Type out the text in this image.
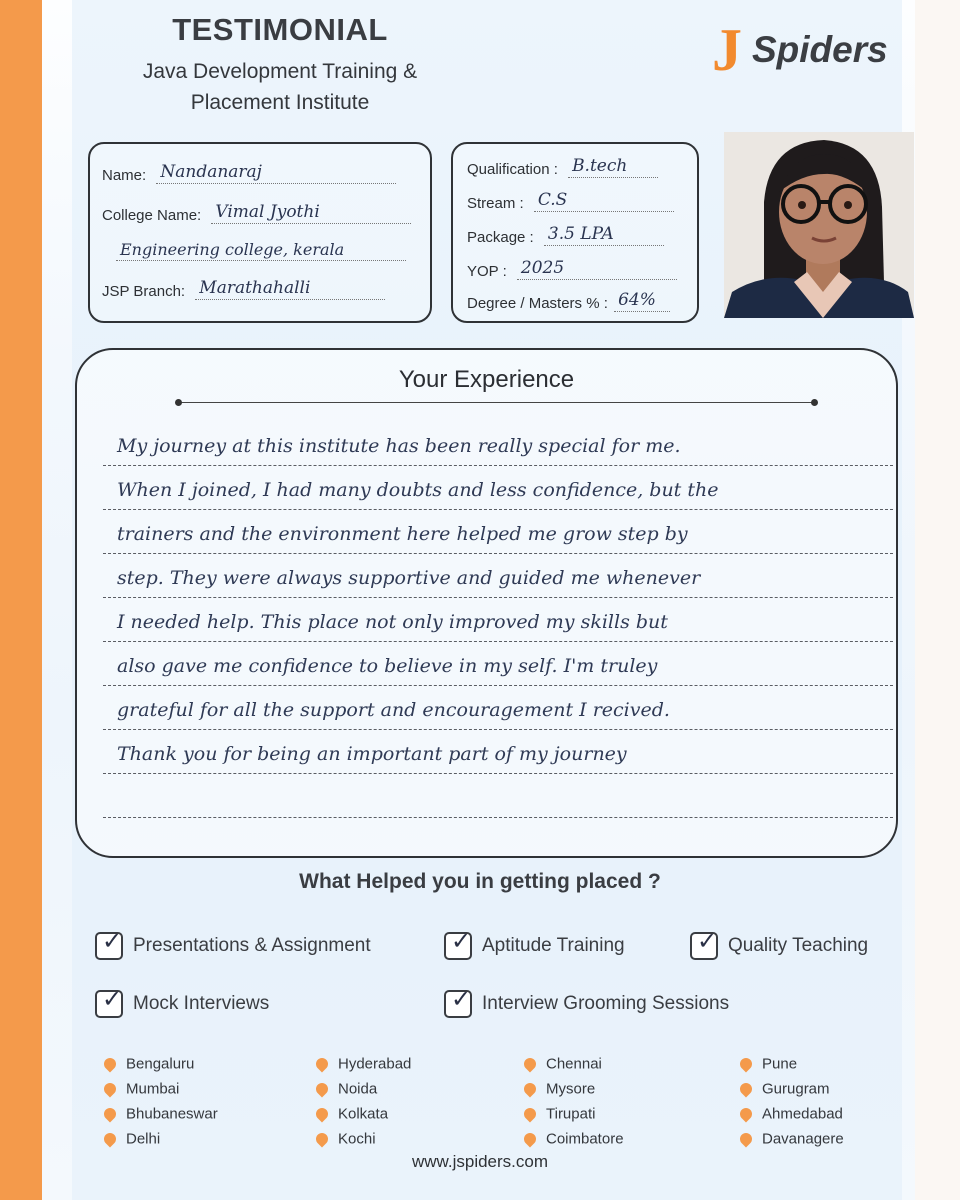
TESTIMONIAL
Java Development Training &
Placement Institute
J Spiders
Name: Nandanaraj
College Name: Vimal Jyothi
Engineering college, kerala
JSP Branch: Marathahalli
Qualification : B.tech
Stream : C.S
Package : 3.5 LPA
YOP : 2025
Degree / Masters % : 64%
Your Experience
My journey at this institute has been really special for me.
When I joined, I had many doubts and less confidence, but the
trainers and the environment here helped me grow step by
step. They were always supportive and guided me whenever
I needed help. This place not only improved my skills but
also gave me confidence to believe in my self. I'm truley
grateful for all the support and encouragement I recived.
Thank you for being an important part of my journey
What Helped you in getting placed ?
✓ Presentations & Assignment	✓ Aptitude Training	✓ Quality Teaching
✓ Mock Interviews	✓ Interview Grooming Sessions
Bengaluru
Mumbai
Bhubaneswar
Delhi
Hyderabad
Noida
Kolkata
Kochi
Chennai
Mysore
Tirupati
Coimbatore
Pune
Gurugram
Ahmedabad
Davanagere
www.jspiders.com
